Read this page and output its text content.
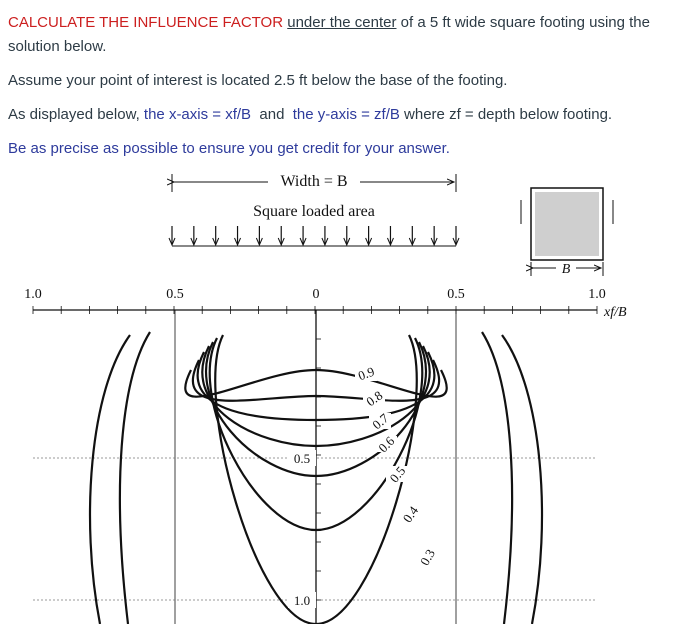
CALCULATE THE INFLUENCE FACTOR under the center of a 5 ft wide square footing using the
solution below.
Assume your point of interest is located 2.5 ft below the base of the footing.
As displayed below, the x-axis = xf/B  and  the y-axis = zf/B where zf = depth below footing.
Be as precise as possible to ensure you get credit for your answer.
Width = B
Square loaded area
B
1.0	0.5	0	0.5	1.0
xf/B
0.9
0.8
0.7
0.6
0.5
0.4
0.3
0.5
1.0
